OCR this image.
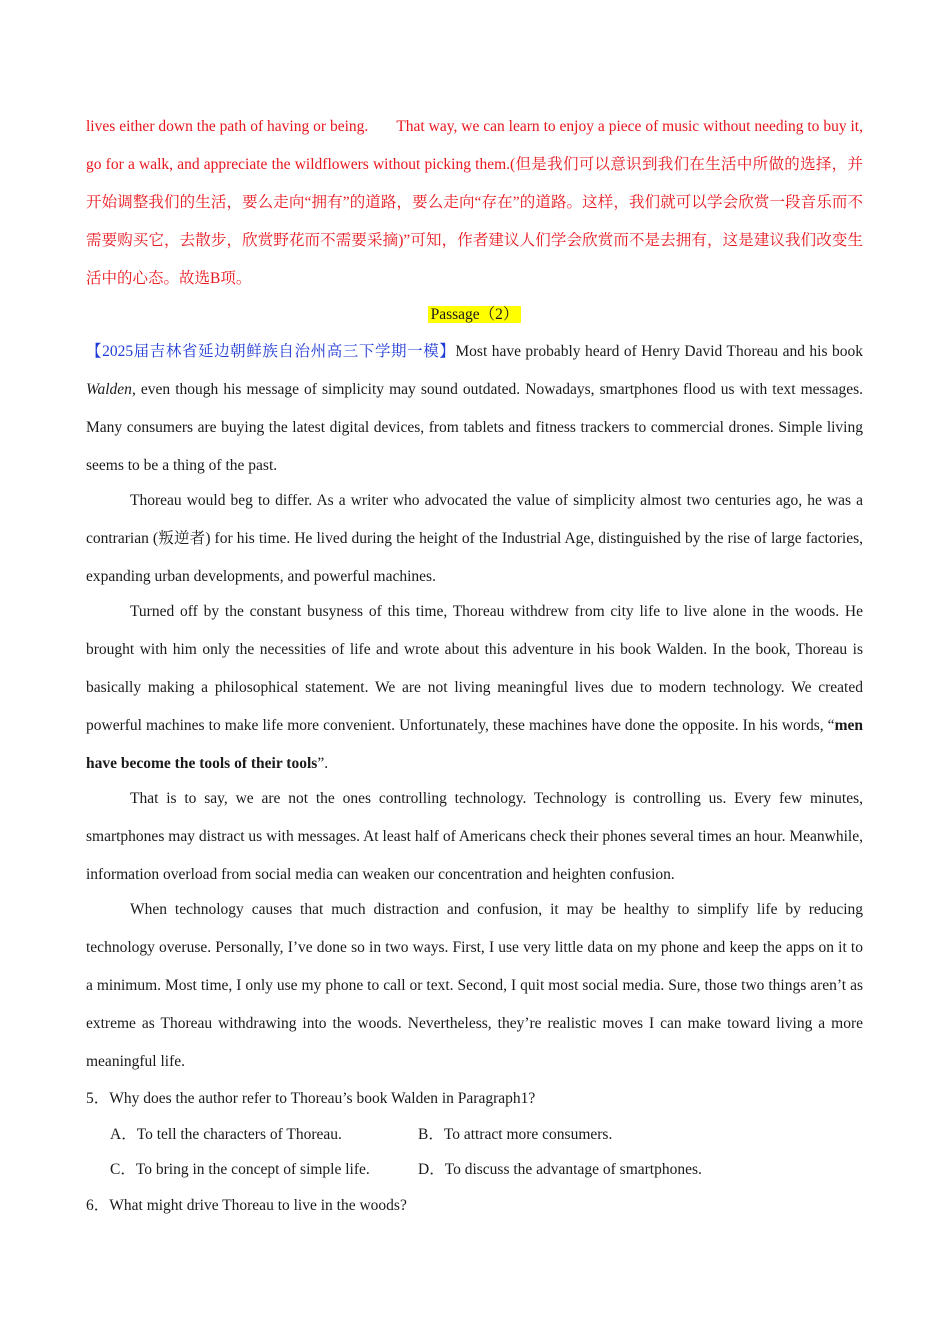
lives either down the path of having or being. That way, we can learn to enjoy a piece of music without needing to buy it, go for a walk, and appreciate the wildflowers without picking them.(但是我们可以意识到我们在生活中所做的选择，并开始调整我们的生活，要么走向“拥有”的道路，要么走向“存在”的道路。这样，我们就可以学会欣赏一段音乐而不需要购买它，去散步，欣赏野花而不需要采摘)”可知，作者建议人们学会欣赏而不是去拥有，这是建议我们改变生活中的心态。故选B项。

Passage（2）

【2025届吉林省延边朝鲜族自治州高三下学期一模】Most have probably heard of Henry David Thoreau and his book Walden, even though his message of simplicity may sound outdated. Nowadays, smartphones flood us with text messages. Many consumers are buying the latest digital devices, from tablets and fitness trackers to commercial drones. Simple living seems to be a thing of the past.

Thoreau would beg to differ. As a writer who advocated the value of simplicity almost two centuries ago, he was a contrarian (叛逆者) for his time. He lived during the height of the Industrial Age, distinguished by the rise of large factories, expanding urban developments, and powerful machines.

Turned off by the constant busyness of this time, Thoreau withdrew from city life to live alone in the woods. He brought with him only the necessities of life and wrote about this adventure in his book Walden. In the book, Thoreau is basically making a philosophical statement. We are not living meaningful lives due to modern technology. We created powerful machines to make life more convenient. Unfortunately, these machines have done the opposite. In his words, “men have become the tools of their tools”.

That is to say, we are not the ones controlling technology. Technology is controlling us. Every few minutes, smartphones may distract us with messages. At least half of Americans check their phones several times an hour. Meanwhile, information overload from social media can weaken our concentration and heighten confusion.

When technology causes that much distraction and confusion, it may be healthy to simplify life by reducing technology overuse. Personally, I’ve done so in two ways. First, I use very little data on my phone and keep the apps on it to a minimum. Most time, I only use my phone to call or text. Second, I quit most social media. Sure, those two things aren’t as extreme as Thoreau withdrawing into the woods. Nevertheless, they’re realistic moves I can make toward living a more meaningful life.

5．Why does the author refer to Thoreau’s book Walden in Paragraph1?
A．To tell the characters of Thoreau.	B．To attract more consumers.
C．To bring in the concept of simple life.	D．To discuss the advantage of smartphones.
6．What might drive Thoreau to live in the woods?
